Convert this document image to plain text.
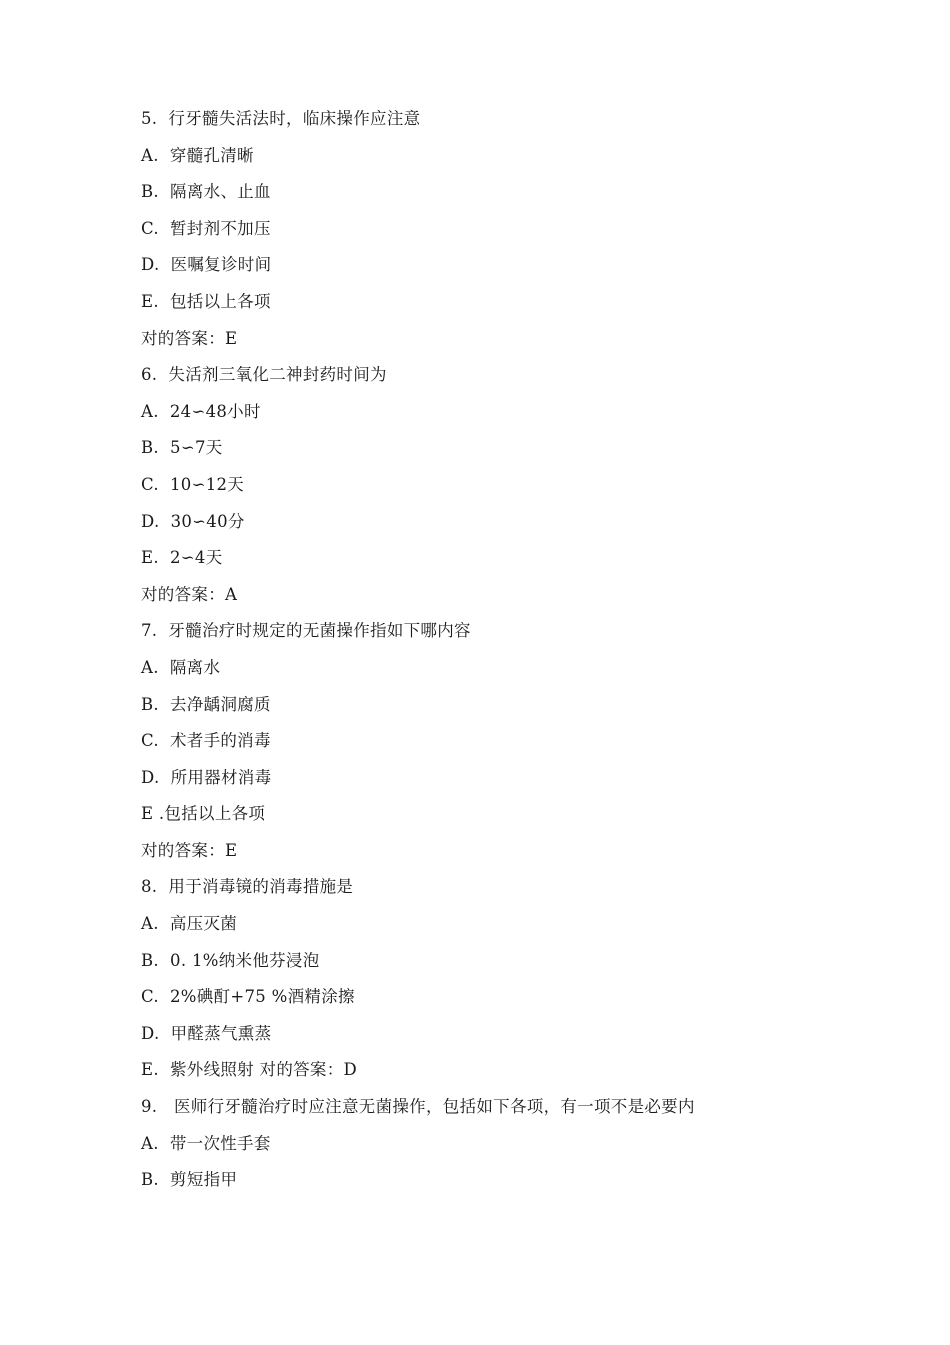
5.  行牙髓失活法时，临床操作应注意
A.  穿髓孔清晰
B.  隔离水、止血
C.  暂封剂不加压
D.  医嘱复诊时间
E.  包括以上各项
对的答案：E
6.  失活剂三氧化二神封药时间为
A.  24∽48小时
B.  5∽7天
C.  10∽12天
D.  30∽40分
E.  2∽4天
对的答案：A
7.  牙髓治疗时规定的无菌操作指如下哪内容
A.  隔离水
B.  去净龋洞腐质
C.  术者手的消毒
D.  所用器材消毒
E .包括以上各项
对的答案：E
8.  用于消毒镜的消毒措施是
A.  高压灭菌
B.  0. 1%纳米他芬浸泡
C.  2%碘酊+75 %酒精涂擦
D.  甲醛蒸气熏蒸
E.  紫外线照射 对的答案：D
9.   医师行牙髓治疗时应注意无菌操作，包括如下各项，有一项不是必要内
A.  带一次性手套
B.  剪短指甲
